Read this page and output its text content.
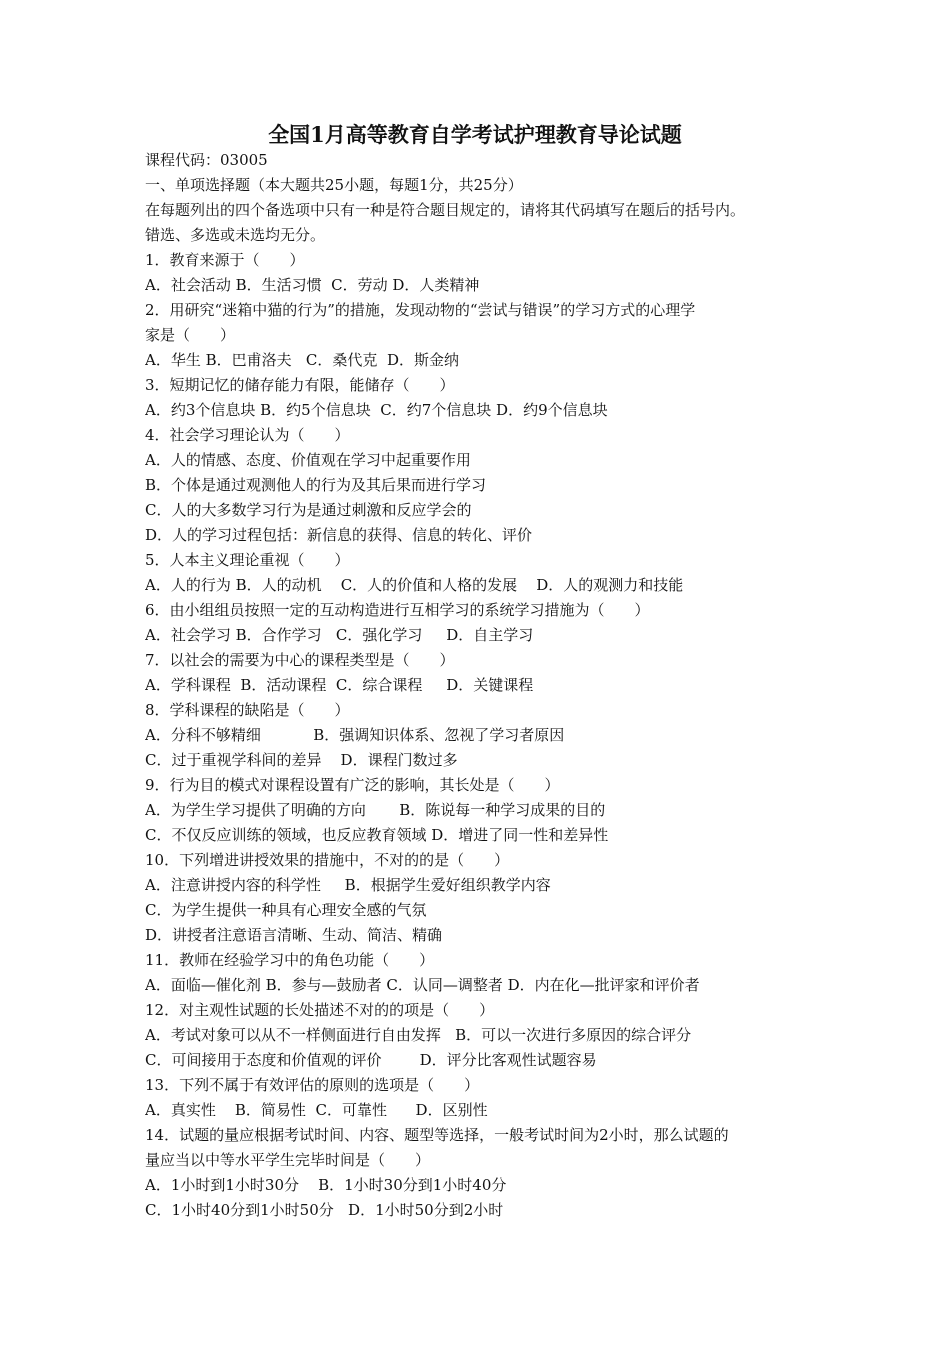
全国1月高等教育自学考试护理教育导论试题
课程代码：03005
一、单项选择题（本大题共25小题，每题1分，共25分）
在每题列出的四个备选项中只有一种是符合题目规定的，请将其代码填写在题后的括号内。
错选、多选或未选均无分。
1．教育来源于（　　）
A．社会活动 B．生活习惯  C．劳动 D．人类精神
2．用研究“迷箱中猫的行为”的措施，发现动物的“尝试与错误”的学习方式的心理学
家是（　　）
A．华生 B．巴甫洛夫   C．桑代克  D．斯金纳
3．短期记忆的储存能力有限，能储存（　　）
A．约3个信息块 B．约5个信息块  C．约7个信息块 D．约9个信息块
4．社会学习理论认为（　　）
A．人的情感、态度、价值观在学习中起重要作用
B．个体是通过观测他人的行为及其后果而进行学习
C．人的大多数学习行为是通过刺激和反应学会的
D．人的学习过程包括：新信息的获得、信息的转化、评价
5．人本主义理论重视（　　）
A．人的行为 B．人的动机    C．人的价值和人格的发展    D．人的观测力和技能
6．由小组组员按照一定的互动构造进行互相学习的系统学习措施为（　　）
A．社会学习 B．合作学习   C．强化学习     D．自主学习
7．以社会的需要为中心的课程类型是（　　）
A．学科课程  B．活动课程  C．综合课程     D．关键课程
8．学科课程的缺陷是（　　）
A．分科不够精细           B．强调知识体系、忽视了学习者原因
C．过于重视学科间的差异    D．课程门数过多
9．行为目的模式对课程设置有广泛的影响，其长处是（　　）
A．为学生学习提供了明确的方向       B．陈说每一种学习成果的目的
C．不仅反应训练的领域，也反应教育领域 D．增进了同一性和差异性
10．下列增进讲授效果的措施中，不对的的是（　　）
A．注意讲授内容的科学性     B．根据学生爱好组织教学内容
C．为学生提供一种具有心理安全感的气氛
D．讲授者注意语言清晰、生动、简洁、精确
11．教师在经验学习中的角色功能（　　）
A．面临—催化剂 B．参与—鼓励者 C．认同—调整者 D．内在化—批评家和评价者
12．对主观性试题的长处描述不对的的项是（　　）
A．考试对象可以从不一样侧面进行自由发挥   B．可以一次进行多原因的综合评分
C．可间接用于态度和价值观的评价        D．评分比客观性试题容易
13．下列不属于有效评估的原则的选项是（　　）
A．真实性    B．简易性  C．可靠性      D．区别性
14．试题的量应根据考试时间、内容、题型等选择，一般考试时间为2小时，那么试题的
量应当以中等水平学生完毕时间是（　　）
A．1小时到1小时30分    B．1小时30分到1小时40分
C．1小时40分到1小时50分   D．1小时50分到2小时
